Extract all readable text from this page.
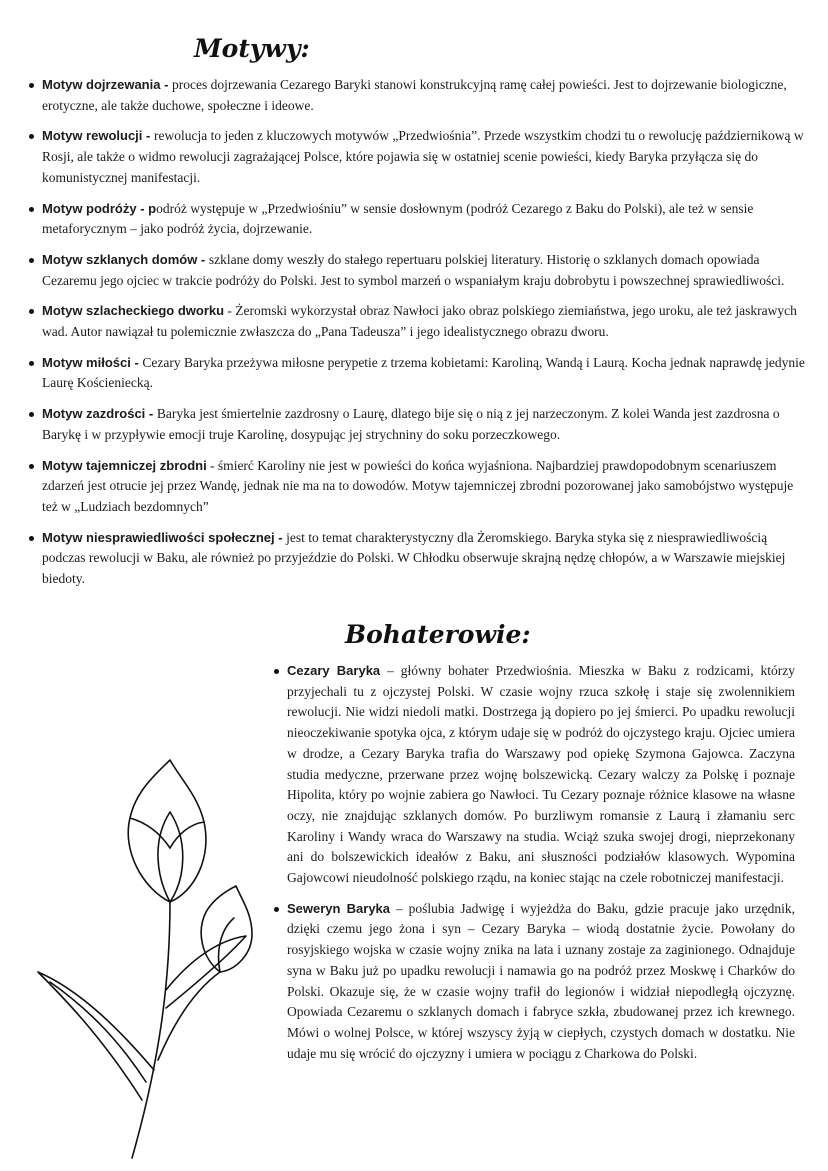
Motywy:
Motyw dojrzewania - proces dojrzewania Cezarego Baryki stanowi konstrukcyjną ramę całej powieści. Jest to dojrzewanie biologiczne, erotyczne, ale także duchowe, społeczne i ideowe.
Motyw rewolucji - rewolucja to jeden z kluczowych motywów „Przedwiośnia”. Przede wszystkim chodzi tu o rewolucję październikową w Rosji, ale także o widmo rewolucji zagrażającej Polsce, które pojawia się w ostatniej scenie powieści, kiedy Baryka przyłącza się do komunistycznej manifestacji.
Motyw podróży - podróż występuje w „Przedwiośniu” w sensie dosłownym (podróż Cezarego z Baku do Polski), ale też w sensie metaforycznym – jako podróż życia, dojrzewanie.
Motyw szklanych domów - szklane domy weszły do stałego repertuaru polskiej literatury. Historię o szklanych domach opowiada Cezaremu jego ojciec w trakcie podróży do Polski. Jest to symbol marzeń o wspaniałym kraju dobrobytu i powszechnej sprawiedliwości.
Motyw szlacheckiego dworku - Żeromski wykorzystał obraz Nawłoci jako obraz polskiego ziemiaństwa, jego uroku, ale też jaskrawych wad. Autor nawiązał tu polemicznie zwłaszcza do „Pana Tadeusza” i jego idealistycznego obrazu dworu.
Motyw miłości - Cezary Baryka przeżywa miłosne perypetie z trzema kobietami: Karoliną, Wandą i Laurą. Kocha jednak naprawdę jedynie Laurę Kościeniecką.
Motyw zazdrości - Baryka jest śmiertelnie zazdrosny o Laurę, dlatego bije się o nią z jej narzeczonym. Z kolei Wanda jest zazdrosna o Barykę i w przypływie emocji truje Karolinę, dosypując jej strychniny do soku porzeczkowego.
Motyw tajemniczej zbrodni - śmierć Karoliny nie jest w powieści do końca wyjaśniona. Najbardziej prawdopodobnym scenariuszem zdarzeń jest otrucie jej przez Wandę, jednak nie ma na to dowodów. Motyw tajemniczej zbrodni pozorowanej jako samobójstwo występuje też w „Ludziach bezdomnych”
Motyw niesprawiedliwości społecznej - jest to temat charakterystyczny dla Żeromskiego. Baryka styka się z niesprawiedliwością podczas rewolucji w Baku, ale również po przyjeździe do Polski. W Chłodku obserwuje skrajną nędzę chłopów, a w Warszawie miejskiej biedoty.
Bohaterowie:
Cezary Baryka – główny bohater Przedwiośnia. Mieszka w Baku z rodzicami, którzy przyjechali tu z ojczystej Polski. W czasie wojny rzuca szkołę i staje się zwolennikiem rewolucji. Nie widzi niedoli matki. Dostrzega ją dopiero po jej śmierci. Po upadku rewolucji nieoczekiwanie spotyka ojca, z którym udaje się w podróż do ojczystego kraju. Ojciec umiera w drodze, a Cezary Baryka trafia do Warszawy pod opiekę Szymona Gajowca. Zaczyna studia medyczne, przerwane przez wojnę bolszewicką. Cezary walczy za Polskę i poznaje Hipolita, który po wojnie zabiera go Nawłoci. Tu Cezary poznaje różnice klasowe na własne oczy, nie znajdując szklanych domów. Po burzliwym romansie z Laurą i złamaniu serc Karoliny i Wandy wraca do Warszawy na studia. Wciąż szuka swojej drogi, nieprzekonany ani do bolszewickich ideałów z Baku, ani słuszności podziałów klasowych. Wypomina Gajowcowi nieudolność polskiego rządu, na koniec stając na czele robotniczej manifestacji.
Seweryn Baryka – poślubia Jadwigę i wyjeżdża do Baku, gdzie pracuje jako urzędnik, dzięki czemu jego żona i syn – Cezary Baryka – wiodą dostatnie życie. Powołany do rosyjskiego wojska w czasie wojny znika na lata i uznany zostaje za zaginionego. Odnajduje syna w Baku już po upadku rewolucji i namawia go na podróż przez Moskwę i Charków do Polski. Okazuje się, że w czasie wojny trafił do legionów i widział niepodległą ojczyznę. Opowiada Cezaremu o szklanych domach i fabryce szkła, zbudowanej przez ich krewnego. Mówi o wolnej Polsce, w której wszyscy żyją w ciepłych, czystych domach w dostatku. Nie udaje mu się wrócić do ojczyzny i umiera w pociągu z Charkowa do Polski.
